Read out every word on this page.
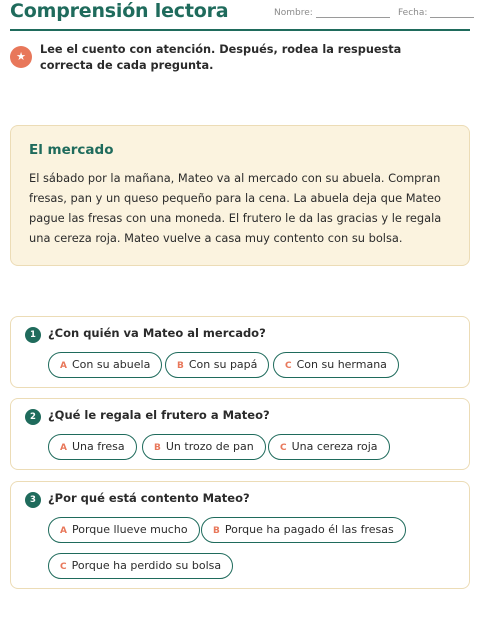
Comprensión lectora	Nombre:	Fecha:
★
Lee el cuento con atención. Después, rodea la respuesta correcta de cada pregunta.
El mercado
El sábado por la mañana, Mateo va al mercado con su abuela. Compran fresas, pan y un queso pequeño para la cena. La abuela deja que Mateo pague las fresas con una moneda. El frutero le da las gracias y le regala una cereza roja. Mateo vuelve a casa muy contento con su bolsa.
1	¿Con quién va Mateo al mercado?
A Con su abuela	B Con su papá	C Con su hermana
2	¿Qué le regala el frutero a Mateo?
A Una fresa	B Un trozo de pan	C Una cereza roja
3	¿Por qué está contento Mateo?
A Porque llueve mucho	B Porque ha pagado él las fresas
C Porque ha perdido su bolsa
